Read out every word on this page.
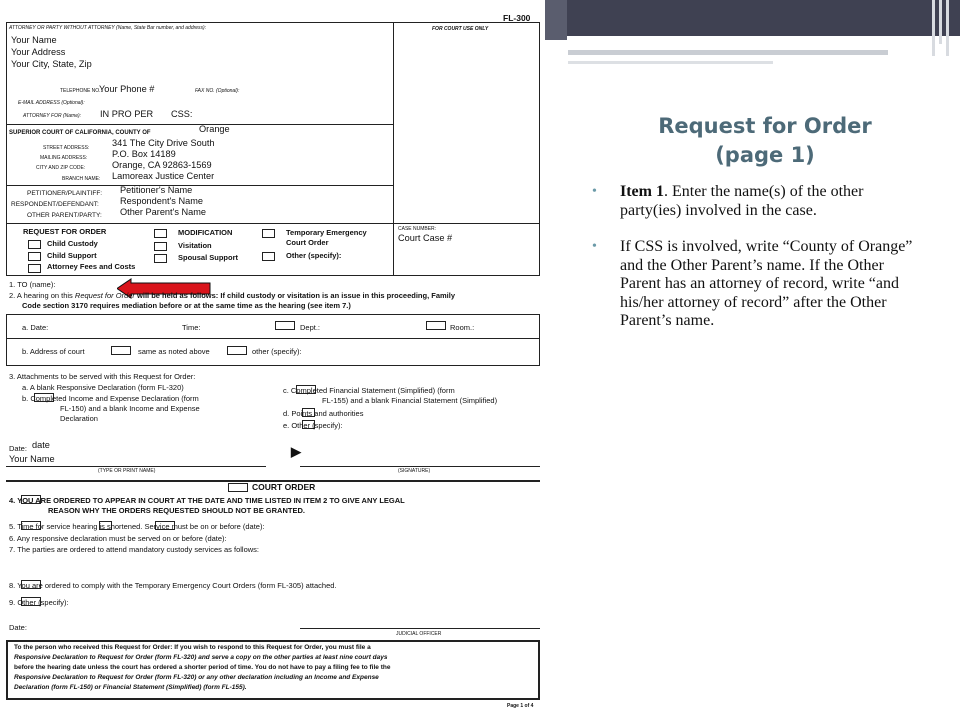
FL-300
ATTORNEY OR PARTY WITHOUT ATTORNEY (Name, State Bar number, and address):	FOR COURT USE ONLY
Your Name
Your Address
Your City, State, Zip
TELEPHONE NO.:
Your Phone #	FAX NO. (Optional):
E-MAIL ADDRESS (Optional):
ATTORNEY FOR (Name): IN PRO PER CSS:
SUPERIOR COURT OF CALIFORNIA, COUNTY OF	Orange
STREET ADDRESS: 341 The City Drive South
MAILING ADDRESS:	P.O. Box 14189
CITY AND ZIP CODE:	Orange, CA 92863-1569
BRANCH NAME: Lamoreax Justice Center
PETITIONER/PLAINTIFF: Petitioner's Name
RESPONDENT/DEFENDANT: Respondent's Name
OTHER PARENT/PARTY: Other Parent's Name
REQUEST FOR ORDER
Child Custody
Child Support
Attorney Fees and Costs
MODIFICATION
Visitation
Spousal Support
Temporary Emergency
Court Order
Other (specify):
CASE NUMBER:
Court Case #
1. TO (name):
2. A hearing on this Request for Order will be held as follows: If child custody or visitation is an issue in this proceeding, Family
Code section 3170 requires mediation before or at the same time as the hearing (see item 7.)
a. Date:	Time:	Dept.:	Room.:
b. Address of court	same as noted above	other (specify):
3. Attachments to be served with this Request for Order:
a. A blank Responsive Declaration (form FL-320)
b. Completed Income and Expense Declaration (form
FL-150) and a blank Income and Expense
Declaration
c. Completed Financial Statement (Simplified) (form
FL-155) and a blank Financial Statement (Simplified)
d. Points and authorities
e. Other (specify):
Date: date
Your Name	▶
(TYPE OR PRINT NAME)	(SIGNATURE)
COURT ORDER
4. YOU ARE ORDERED TO APPEAR IN COURT AT THE DATE AND TIME LISTED IN ITEM 2 TO GIVE ANY LEGAL
REASON WHY THE ORDERS REQUESTED SHOULD NOT BE GRANTED.
5. Time for service hearing is shortened. Service must be on or before (date):
6. Any responsive declaration must be served on or before (date):
7. The parties are ordered to attend mandatory custody services as follows:
8. You are ordered to comply with the Temporary Emergency Court Orders (form FL-305) attached.
9. Other (specify):
Date:
JUDICIAL OFFICER
To the person who received this Request for Order: If you wish to respond to this Request for Order, you must file a
Responsive Declaration to Request for Order (form FL-320) and serve a copy on the other parties at least nine court days
before the hearing date unless the court has ordered a shorter period of time. You do not have to pay a filing fee to file the
Responsive Declaration to Request for Order (form FL-320) or any other declaration including an Income and Expense
Declaration (form FL-150) or Financial Statement (Simplified) (form FL-155).
Page 1 of 4
Request for Order
(page 1)
• Item 1. Enter the name(s) of the other party(ies) involved in the case.
• If CSS is involved, write “County of Orange” and the Other Parent’s name. If the Other Parent has an attorney of record, write “and his/her attorney of record” after the Other Parent’s name.
